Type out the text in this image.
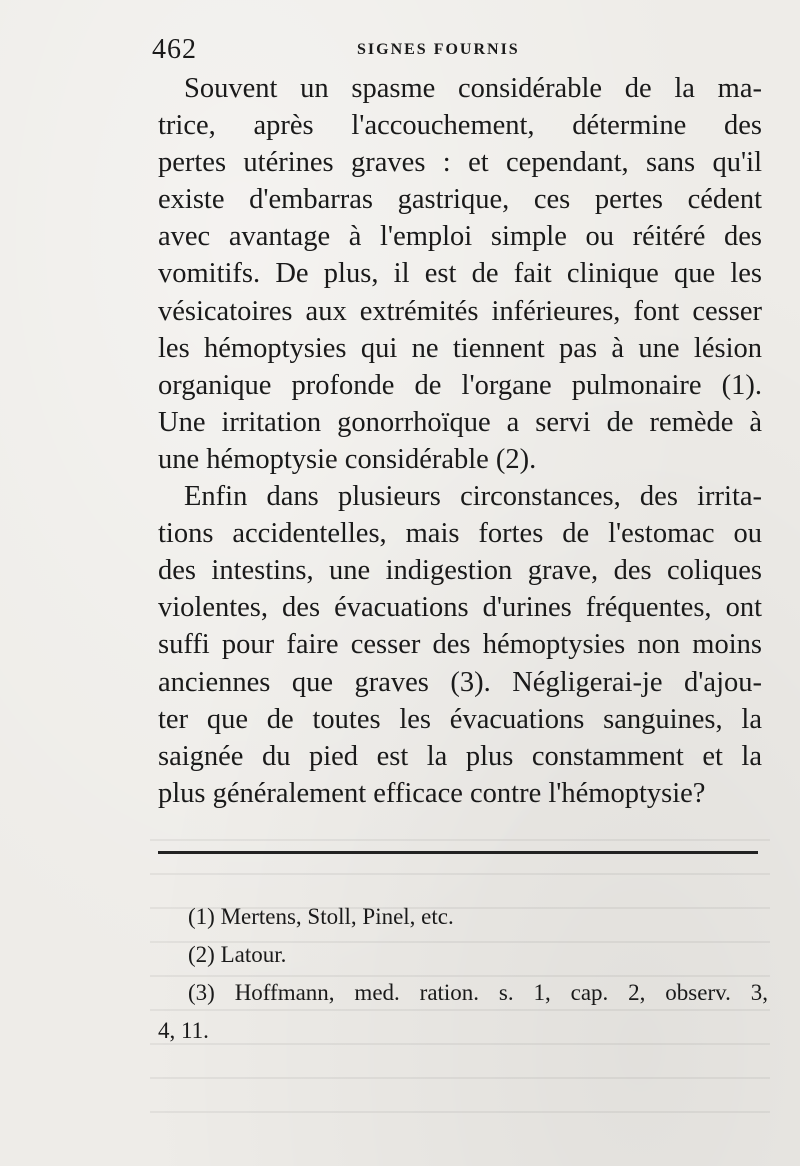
462	SIGNES FOURNIS
Souvent un spasme considérable de la ma-
trice, après l'accouchement, détermine des
pertes utérines graves : et cependant, sans qu'il
existe d'embarras gastrique, ces pertes cédent
avec avantage à l'emploi simple ou réitéré des
vomitifs. De plus, il est de fait clinique que les
vésicatoires aux extrémités inférieures, font cesser
les hémoptysies qui ne tiennent pas à une lésion
organique profonde de l'organe pulmonaire (1).
Une irritation gonorrhoïque a servi de remède à
une hémoptysie considérable (2).
Enfin dans plusieurs circonstances, des irrita-
tions accidentelles, mais fortes de l'estomac ou
des intestins, une indigestion grave, des coliques
violentes, des évacuations d'urines fréquentes, ont
suffi pour faire cesser des hémoptysies non moins
anciennes que graves (3). Négligerai-je d'ajou-
ter que de toutes les évacuations sanguines, la
saignée du pied est la plus constamment et la
plus généralement efficace contre l'hémoptysie?
(1) Mertens, Stoll, Pinel, etc.
(2) Latour.
(3) Hoffmann, med. ration. s. 1, cap. 2, observ. 3,
4, 11.
